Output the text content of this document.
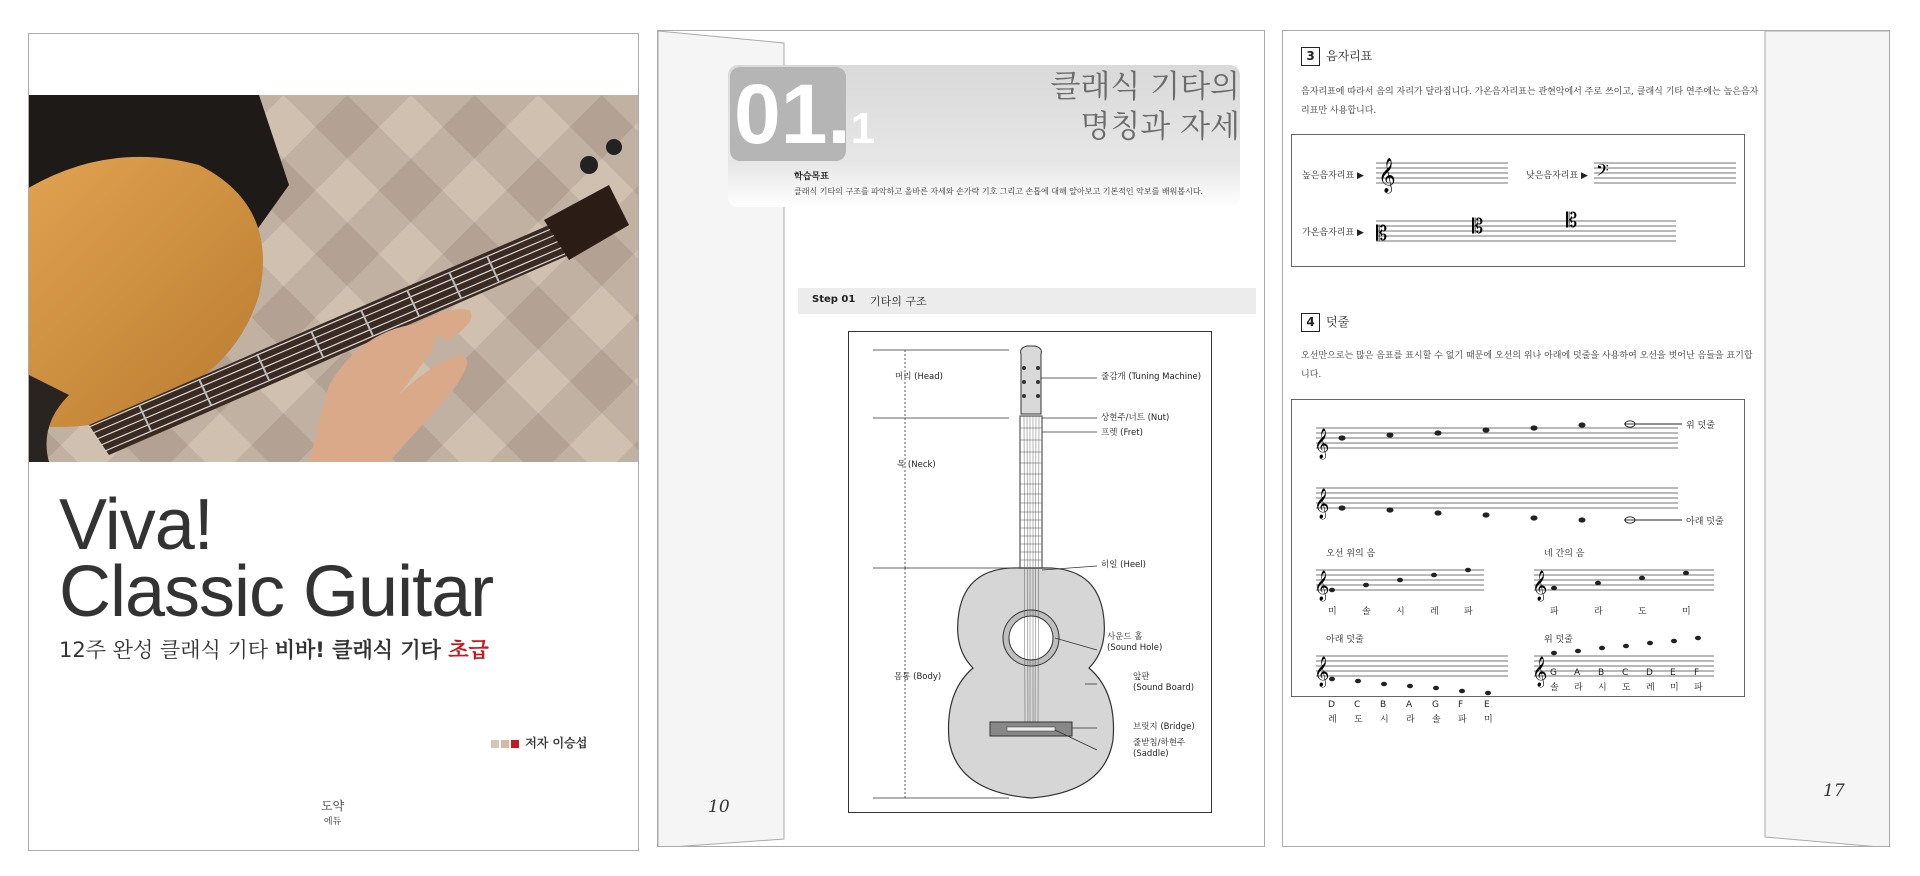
Viva!
Classic Guitar
12주 완성 클래식 기타 비바! 클래식 기타 초급
저자 이승섭
도약
에듀
01.1
클래식 기타의
명칭과 자세
학습목표
클래식 기타의 구조를 파악하고 올바른 자세와 손가락 기호 그리고 손톱에 대해 알아보고 기본적인 악보를 배워봅시다.
Step 01 기타의 구조
머리 (Head)
목 (Neck)
몸통 (Body)
줄감개 (Tuning Machine)
상현주/너트 (Nut)
프렛 (Fret)
히일 (Heel)
사운드 홀
(Sound Hole)
앞판
(Sound Board)
브릿지 (Bridge)
줄받침/하현주
(Saddle)
10
3 음자리표
음자리표에 따라서 음의 자리가 달라집니다. 가온음자리표는 관현악에서 주로 쓰이고, 클래식 기타 연주에는 높은음자리표만 사용합니다.
𝄞	𝄢
𝄡	𝄡	𝄡
높은음자리표 ▶	낮은음자리표 ▶
가온음자리표 ▶
4 덧줄
오선만으로는 많은 음표를 표시할 수 없기 때문에 오선의 위나 아래에 덧줄을 사용하여 오선을 벗어난 음들을 표기합니다.
𝄞
𝄞
𝄞	𝄞
𝄞	𝄞
위 덧줄
아래 덧줄
오선 위의 음	네 간의 음
아래 덧줄	위 덧줄
미	솔	시	레	파	파	라	도	미
D C B A G F E
레 도 시 라 솔 파 미
G A B C D E F
솔 라 시 도 레 미 파
17
